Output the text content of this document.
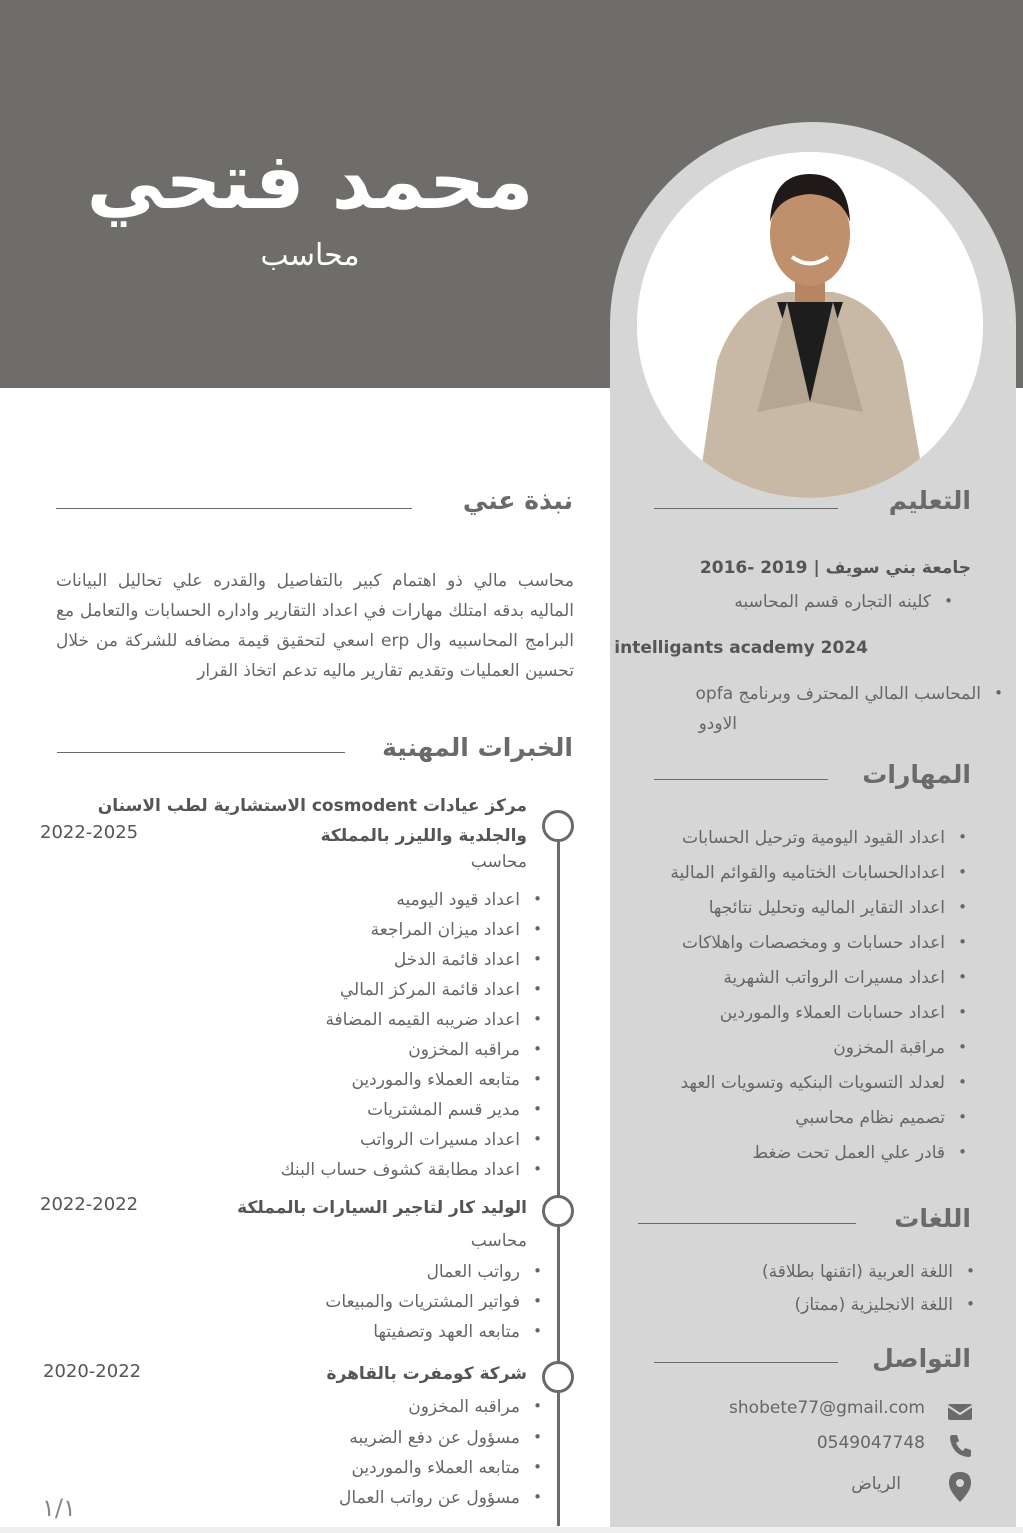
محمد فتحي
محاسب
التعليم
جامعة بني سويف | 2016- 2019
كلينه التجاره قسم المحاسبه •
intelligants academy 2024
المحاسب المالي المحترف وبرنامج opfa •
الاودو
المهارات
اعداد القيود اليومية وترحيل الحسابات •
اعدادالحسابات الختاميه والقوائم المالية •
اعداد التقاير الماليه وتحليل نتائجها •
اعداد حسابات و ومخصصات واهلاكات •
اعداد مسيرات الرواتب الشهرية •
اعداد حسابات العملاء والموردين •
مراقبة المخزون •
لعدلد التسويات البنكيه وتسويات العهد •
تصميم نظام محاسبي •
قادر علي العمل تحت ضغط •
اللغات
اللغة العربية (اتقنها بطلاقة) •
اللغة الانجليزية (ممتاز) •
التواصل
shobete77@gmail.com
0549047748
الرياض
نبذة عني
محاسب مالي ذو اهتمام كبير بالتفاصيل والقدره علي تحاليل البيانات الماليه بدقه امتلك مهارات في اعداد التقارير واداره الحسابات والتعامل مع البرامج المحاسبيه وال erp اسعي لتحقيق قيمة مضافه للشركة من خلال تحسين العمليات وتقديم تقارير ماليه تدعم اتخاذ القرار
الخبرات المهنية
مركز عيادات cosmodent الاستشارية لطب الاسنان
والجلدية والليزر بالمملكة
محاسب
2022-2025
اعداد قيود اليوميه •
اعداد ميزان المراجعة •
اعداد قائمة الدخل •
اعداد قائمة المركز المالي •
اعداد ضريبه القيمه المضافة •
مراقبه المخزون •
متابعه العملاء والموردين •
مدير قسم المشتريات •
اعداد مسيرات الرواتب •
اعداد مطابقة كشوف حساب البنك •
الوليد كار لتاجير السيارات بالمملكة
محاسب
2022-2022
رواتب العمال •
فواتير المشتريات والمبيعات •
متابعه العهد وتصفيتها •
شركة كومفرت بالقاهرة
2020-2022
مراقبه المخزون •
مسؤول عن دفع الضريبه •
متابعه العملاء والموردين •
مسؤول عن رواتب العمال •
١/١
